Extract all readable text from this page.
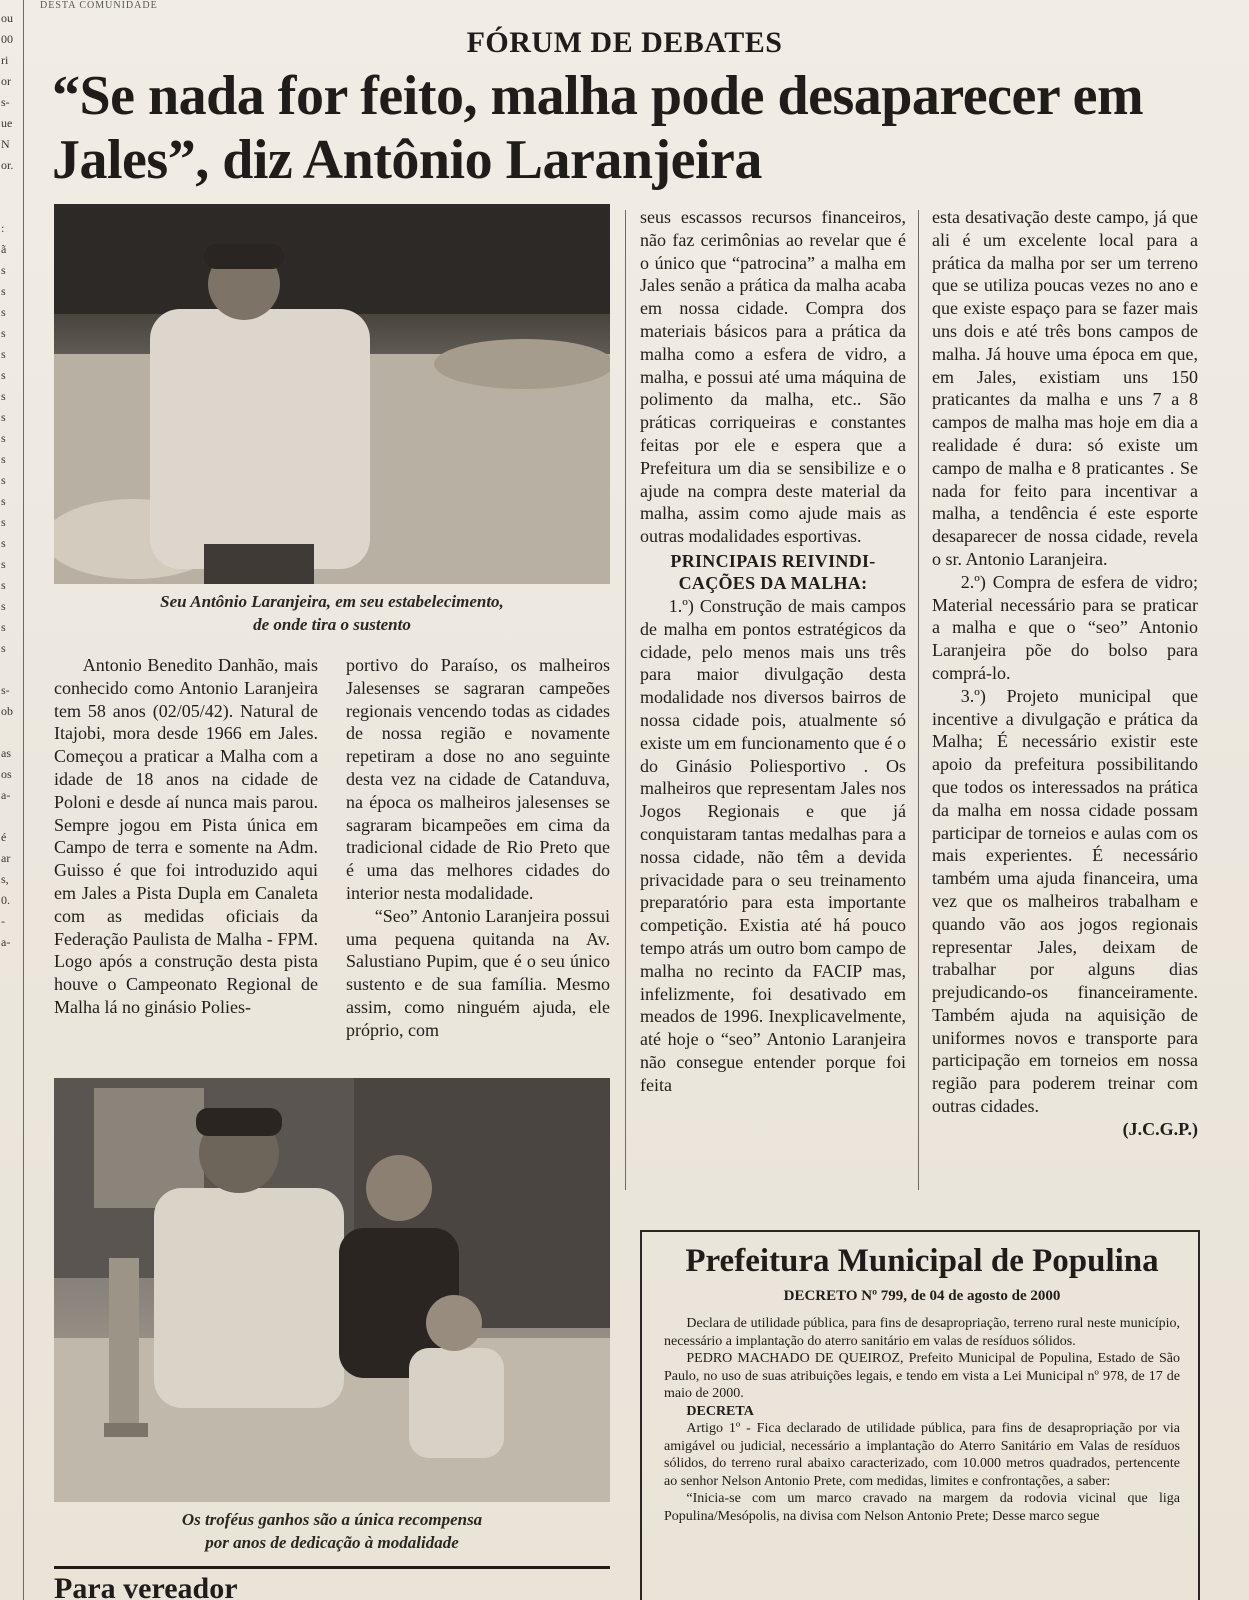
ou
00
ri
or
s-
ue
N
or.
:
ã
s
s
s
s
s
s
s
s
s
s
s
s
s
s
s
s
s
s
s
s-
ob
as
os
a-
é
ar
s,
0.
-
a-
DESTA COMUNIDADE
FÓRUM DE DEBATES
“Se nada for feito, malha pode desaparecer em Jales”, diz Antônio Laranjeira
Seu Antônio Laranjeira, em seu estabelecimento,
de onde tira o sustento

Antonio Benedito Danhão, mais conhecido como Antonio Laranjeira tem 58 anos (02/05/42). Natural de Itajobi, mora desde 1966 em Jales. Começou a praticar a Malha com a idade de 18 anos na cidade de Poloni e desde aí nunca mais parou. Sempre jogou em Pista única em Campo de terra e somente na Adm. Guisso é que foi introduzido aqui em Jales a Pista Dupla em Canaleta com as medidas oficiais da Federação Paulista de Malha - FPM. Logo após a construção desta pista houve o Campeonato Regional de Malha lá no ginásio Polies-

portivo do Paraíso, os malheiros Jalesenses se sagraran campeões regionais vencendo todas as cidades de nossa região e novamente repetiram a dose no ano seguinte desta vez na cidade de Catanduva, na época os malheiros jalesenses se sagraram bicampeões em cima da tradicional cidade de Rio Preto que é uma das melhores cidades do interior nesta modalidade.

“Seo” Antonio Laranjeira possui uma pequena quitanda na Av. Salustiano Pupim, que é o seu único sustento e de sua família. Mesmo assim, como ninguém ajuda, ele próprio, com

seus escassos recursos financeiros, não faz cerimônias ao revelar que é o único que “patrocina” a malha em Jales senão a prática da malha acaba em nossa cidade. Compra dos materiais básicos para a prática da malha como a esfera de vidro, a malha, e possui até uma máquina de polimento da malha, etc.. São práticas corriqueiras e constantes feitas por ele e espera que a Prefeitura um dia se sensibilize e o ajude na compra deste material da malha, assim como ajude mais as outras modalidades esportivas.

PRINCIPAIS REIVINDI-
CAÇÕES DA MALHA:

1.º) Construção de mais campos de malha em pontos estratégicos da cidade, pelo menos mais uns três para maior divulgação desta modalidade nos diversos bairros de nossa cidade pois, atualmente só existe um em funcionamento que é o do Ginásio Poliesportivo . Os malheiros que representam Jales nos Jogos Regionais e que já conquistaram tantas medalhas para a nossa cidade, não têm a devida privacidade para o seu treinamento preparatório para esta importante competição. Existia até há pouco tempo atrás um outro bom campo de malha no recinto da FACIP mas, infelizmente, foi desativado em meados de 1996. Inexplicavelmente, até hoje o “seo” Antonio Laranjeira não consegue entender porque foi feita

esta desativação deste campo, já que ali é um excelente local para a prática da malha por ser um terreno que se utiliza poucas vezes no ano e que existe espaço para se fazer mais uns dois e até três bons campos de malha. Já houve uma época em que, em Jales, existiam uns 150 praticantes da malha e uns 7 a 8 campos de malha mas hoje em dia a realidade é dura: só existe um campo de malha e 8 praticantes . Se nada for feito para incentivar a malha, a tendência é este esporte desaparecer de nossa cidade, revela o sr. Antonio Laranjeira.

2.º) Compra de esfera de vidro; Material necessário para se praticar a malha e que o “seo” Antonio Laranjeira põe do bolso para comprá-lo.

3.º) Projeto municipal que incentive a divulgação e prática da Malha; É necessário existir este apoio da prefeitura possibilitando que todos os interessados na prática da malha em nossa cidade possam participar de torneios e aulas com os mais experientes. É necessário também uma ajuda financeira, uma vez que os malheiros trabalham e quando vão aos jogos regionais representar Jales, deixam de trabalhar por alguns dias prejudicando-os financeiramente. Também ajuda na aquisição de uniformes novos e transporte para participação em torneios em nossa região para poderem treinar com outras cidades.

(J.C.G.P.)

Os troféus ganhos são a única recompensa
por anos de dedicação à modalidade
Prefeitura Municipal de Populina
DECRETO Nº 799, de 04 de agosto de 2000

Declara de utilidade pública, para fins de desapropriação, terreno rural neste município, necessário a implantação do aterro sanitário em valas de resíduos sólidos.

PEDRO MACHADO DE QUEIROZ, Prefeito Municipal de Populina, Estado de São Paulo, no uso de suas atribuições legais, e tendo em vista a Lei Municipal nº 978, de 17 de maio de 2000.

DECRETA

Artigo 1º - Fica declarado de utilidade pública, para fins de desapropriação por via amigável ou judicial, necessário a implantação do Aterro Sanitário em Valas de resíduos sólidos, do terreno rural abaixo caracterizado, com 10.000 metros quadrados, pertencente ao senhor Nelson Antonio Prete, com medidas, limites e confrontações, a saber:

“Inicia-se com um marco cravado na margem da rodovia vicinal que liga Populina/Mesópolis, na divisa com Nelson Antonio Prete; Desse marco segue

Para vereador
